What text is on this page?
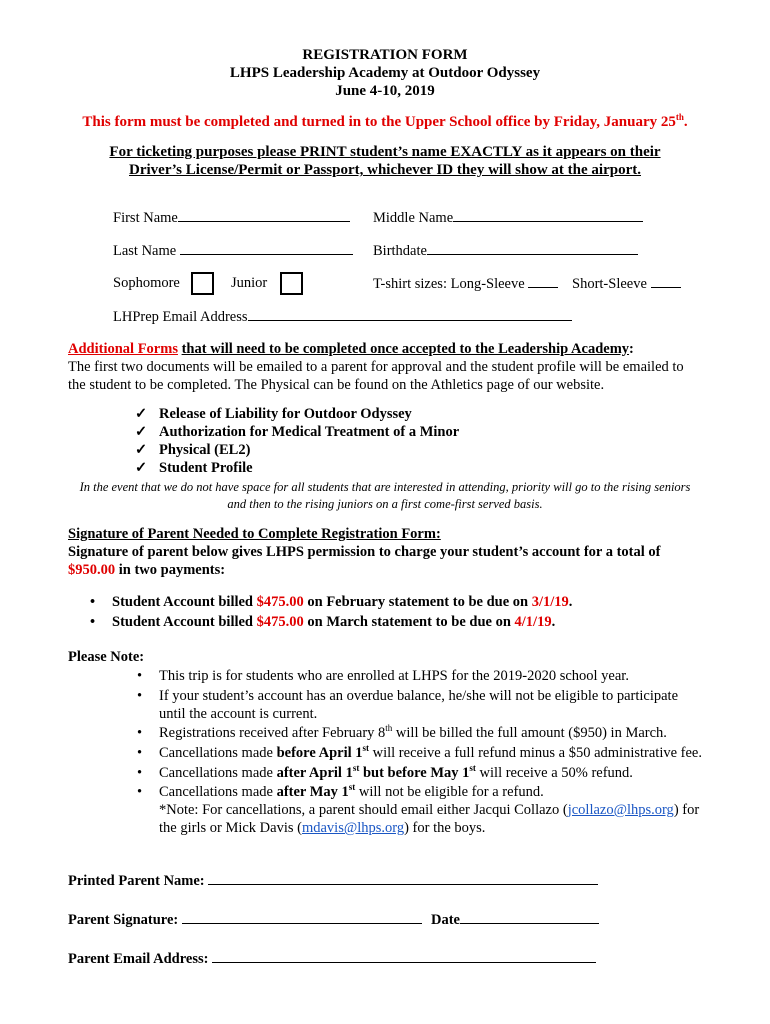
REGISTRATION FORM
LHPS Leadership Academy at Outdoor Odyssey
June 4-10, 2019
This form must be completed and turned in to the Upper School office by Friday, January 25th.
For ticketing purposes please PRINT student’s name EXACTLY as it appears on their
Driver’s License/Permit or Passport, whichever ID they will show at the airport.
First Name	Middle Name
Last Name	Birthdate
Sophomore	Junior	T-shirt sizes: Long-Sleeve	Short-Sleeve
LHPrep Email Address
Additional Forms that will need to be completed once accepted to the Leadership Academy:
The first two documents will be emailed to a parent for approval and the student profile will be emailed to
the student to be completed. The Physical can be found on the Athletics page of our website.
✓ Release of Liability for Outdoor Odyssey
✓ Authorization for Medical Treatment of a Minor
✓ Physical (EL2)
✓ Student Profile
In the event that we do not have space for all students that are interested in attending, priority will go to the rising seniors
and then to the rising juniors on a first come-first served basis.
Signature of Parent Needed to Complete Registration Form:
Signature of parent below gives LHPS permission to charge your student’s account for a total of
$950.00 in two payments:
• Student Account billed $475.00 on February statement to be due on 3/1/19.
• Student Account billed $475.00 on March statement to be due on 4/1/19.
Please Note:
• This trip is for students who are enrolled at LHPS for the 2019-2020 school year.
• If your student’s account has an overdue balance, he/she will not be eligible to participate
until the account is current.
• Registrations received after February 8th will be billed the full amount ($950) in March.
• Cancellations made before April 1st will receive a full refund minus a $50 administrative fee.
• Cancellations made after April 1st but before May 1st will receive a 50% refund.
• Cancellations made after May 1st will not be eligible for a refund.
*Note: For cancellations, a parent should email either Jacqui Collazo (jcollazo@lhps.org) for
the girls or Mick Davis (mdavis@lhps.org) for the boys.
Printed Parent Name:
Parent Signature:	Date
Parent Email Address:
